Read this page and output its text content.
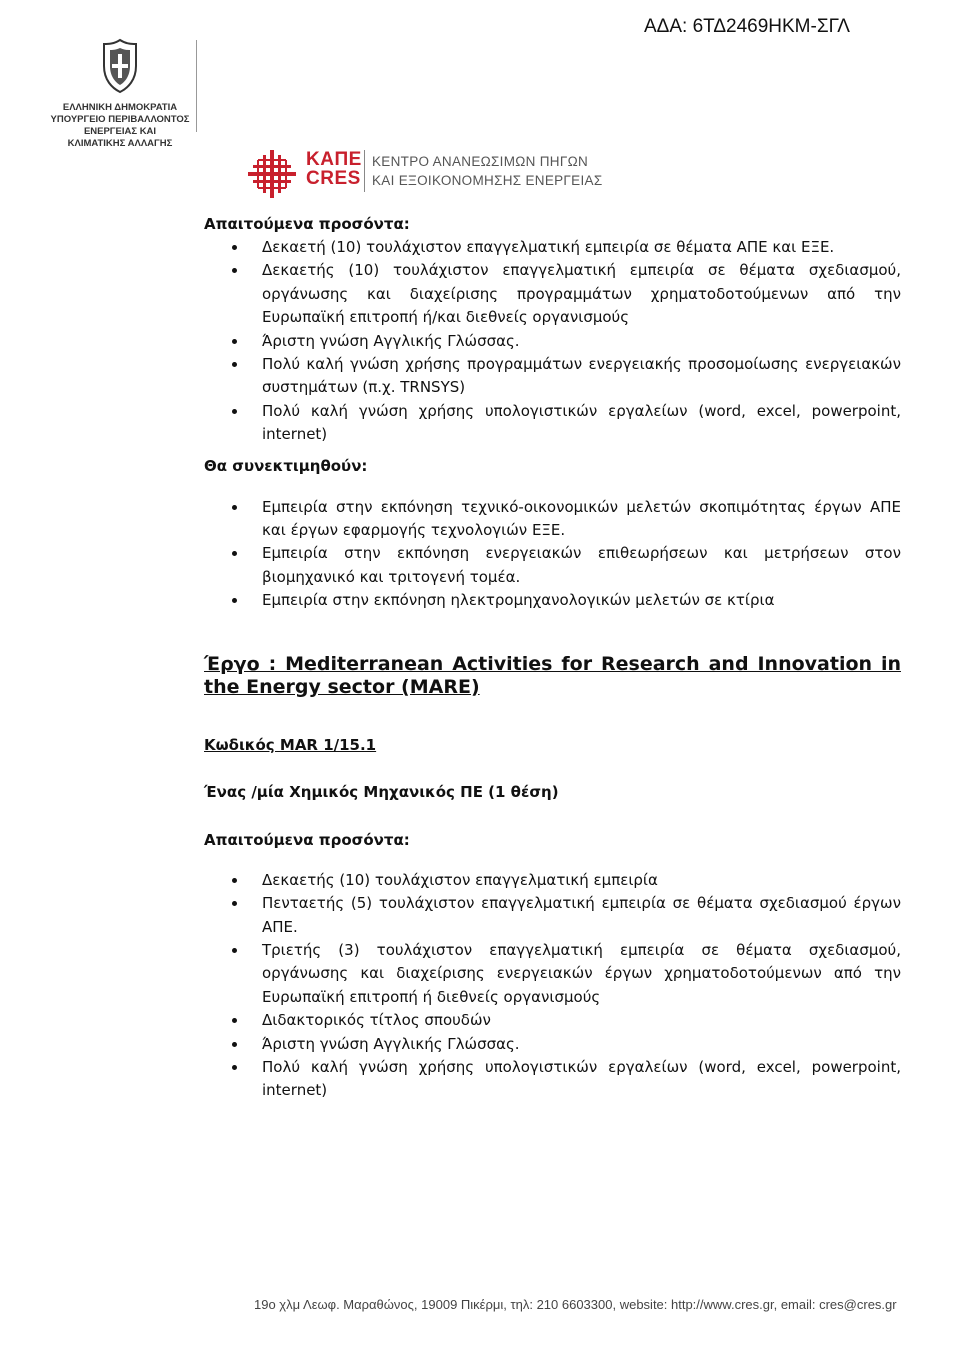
ΑΔΑ: 6ΤΔ2469ΗΚΜ-ΣΓΛ
ΕΛΛΗΝΙΚΗ ΔΗΜΟΚΡΑΤΙΑ
ΥΠΟΥΡΓΕΙΟ ΠΕΡΙΒΑΛΛΟΝΤΟΣ
ΕΝΕΡΓΕΙΑΣ ΚΑΙ
ΚΛΙΜΑΤΙΚΗΣ ΑΛΛΑΓΗΣ
ΚΑΠΕ
CRES
ΚΕΝΤΡΟ ΑΝΑΝΕΩΣΙΜΩΝ ΠΗΓΩΝ
ΚΑΙ ΕΞΟΙΚΟΝΟΜΗΣΗΣ ΕΝΕΡΓΕΙΑΣ

Απαιτούμενα προσόντα:

Δεκαετή (10) τουλάχιστον επαγγελματική εμπειρία σε θέματα ΑΠΕ και ΕΞΕ.
Δεκαετής (10) τουλάχιστον επαγγελματική εμπειρία σε θέματα σχεδιασμού, οργάνωσης και διαχείρισης προγραμμάτων χρηματοδοτούμενων από την Ευρωπαϊκή επιτροπή ή/και διεθνείς οργανισμούς
Άριστη γνώση Αγγλικής Γλώσσας.
Πολύ καλή γνώση χρήσης προγραμμάτων ενεργειακής προσομοίωσης ενεργειακών συστημάτων (π.χ. TRNSYS)
Πολύ καλή γνώση χρήσης υπολογιστικών εργαλείων (word, excel, powerpoint, internet)

Θα συνεκτιμηθούν:

Εμπειρία στην εκπόνηση τεχνικό-οικονομικών μελετών σκοπιμότητας έργων ΑΠΕ και έργων εφαρμογής τεχνολογιών ΕΞΕ.
Εμπειρία στην εκπόνηση ενεργειακών επιθεωρήσεων και μετρήσεων στον βιομηχανικό και τριτογενή τομέα.
Εμπειρία στην εκπόνηση ηλεκτρομηχανολογικών μελετών σε κτίρια

Έργο : Mediterranean Activities for Research and Innovation in the Energy sector (MARE)

Κωδικός MAR 1/15.1

Ένας /μία Χημικός Μηχανικός ΠΕ (1 θέση)

Απαιτούμενα προσόντα:

Δεκαετής (10) τουλάχιστον επαγγελματική εμπειρία
Πενταετής (5) τουλάχιστον επαγγελματική εμπειρία σε θέματα σχεδιασμού έργων ΑΠΕ.
Τριετής (3) τουλάχιστον επαγγελματική εμπειρία σε θέματα σχεδιασμού, οργάνωσης και διαχείρισης ενεργειακών έργων χρηματοδοτούμενων από την Ευρωπαϊκή επιτροπή ή διεθνείς οργανισμούς
Διδακτορικός τίτλος σπουδών
Άριστη γνώση Αγγλικής Γλώσσας.
Πολύ καλή γνώση χρήσης υπολογιστικών εργαλείων (word, excel, powerpoint, internet)
19ο χλμ Λεωφ. Μαραθώνος, 19009 Πικέρμι, τηλ: 210 6603300, website: http://www.cres.gr, email: cres@cres.gr
